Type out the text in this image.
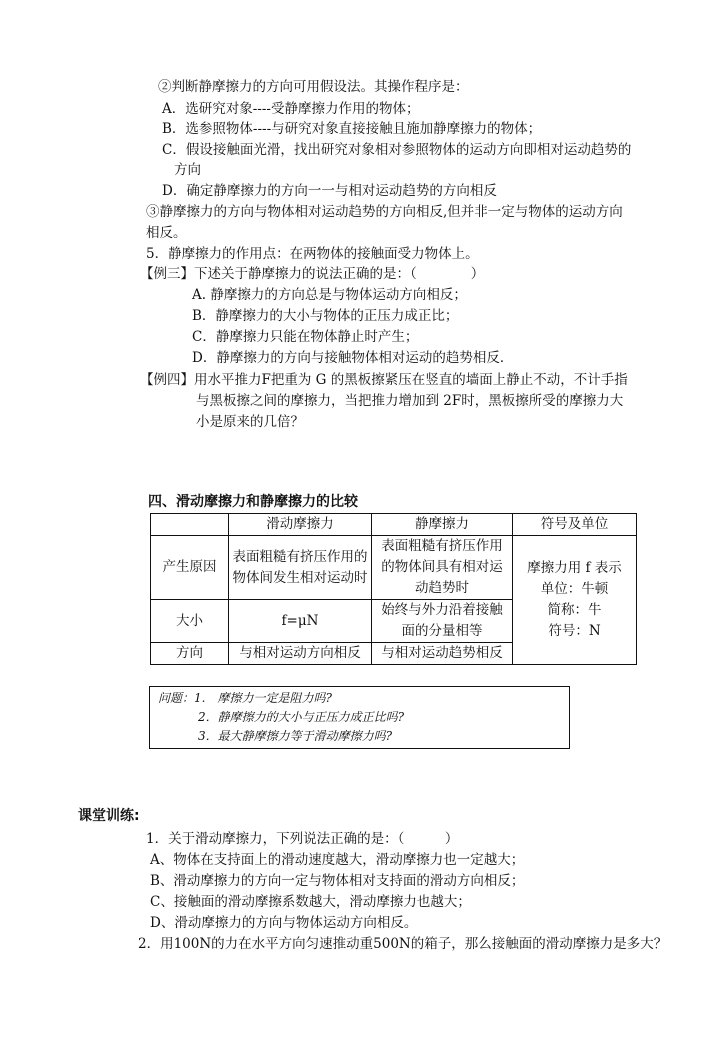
②判断静摩擦力的方向可用假设法。其操作程序是：
A．选研究对象----受静摩擦力作用的物体；
B．选参照物体----与研究对象直接接触且施加静摩擦力的物体；
C．假设接触面光滑，找出研究对象相对参照物体的运动方向即相对运动趋势的
方向
D．确定静摩擦力的方向一一与相对运动趋势的方向相反
③静摩擦力的方向与物体相对运动趋势的方向相反,但并非一定与物体的运动方向
相反。
5．静摩擦力的作用点：在两物体的接触面受力物体上。
【例三】下述关于静摩擦力的说法正确的是：（　　　　）
A. 静摩擦力的方向总是与物体运动方向相反；
B．静摩擦力的大小与物体的正压力成正比；
C．静摩擦力只能在物体静止时产生；
D．静摩擦力的方向与接触物体相对运动的趋势相反．
【例四】用水平推力F把重为 G 的黑板擦紧压在竖直的墙面上静止不动，不计手指
与黑板擦之间的摩擦力，当把推力增加到 2F时，黑板擦所受的摩擦力大
小是原来的几倍？
四、滑动摩擦力和静摩擦力的比较
	滑动摩擦力	静摩擦力	符号及单位
产生原因	表面粗糙有挤压作用的物体间发生相对运动时	表面粗糙有挤压作用的物体间具有相对运动趋势时	摩擦力用 f 表示
单位：牛顿
简称：牛
符号：N

大小	f=μN	始终与外力沿着接触面的分量相等	
方向	与相对运动方向相反	与相对运动趋势相反	
问题：1.　摩擦力一定是阻力吗?
2．静摩擦力的大小与正压力成正比吗?
3．最大静摩擦力等于滑动摩擦力吗?
课堂训练:
1．关于滑动摩擦力，下列说法正确的是：（　　　）
A、物体在支持面上的滑动速度越大，滑动摩擦力也一定越大；
B、滑动摩擦力的方向一定与物体相对支持面的滑动方向相反；
C、接触面的滑动摩擦系数越大，滑动摩擦力也越大；
D、滑动摩擦力的方向与物体运动方向相反。
2．用100N的力在水平方向匀速推动重500N的箱子，那么接触面的滑动摩擦力是多大？
